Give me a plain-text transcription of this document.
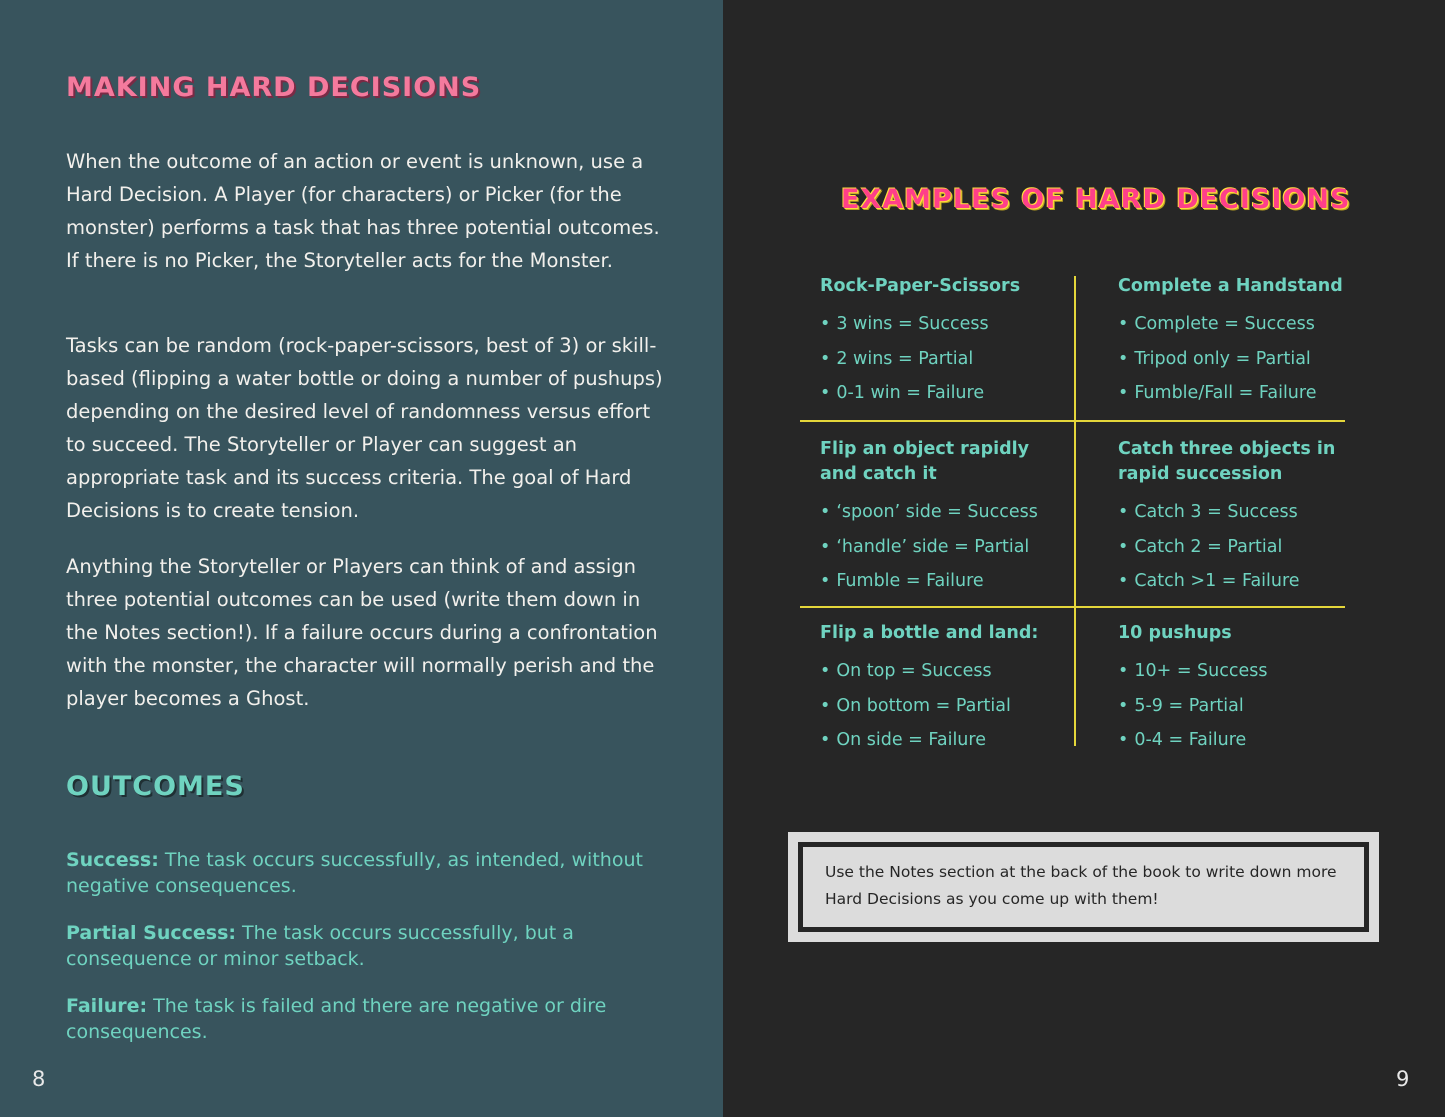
MAKING HARD DECISIONS

When the outcome of an action or event is unknown, use a Hard Decision. A Player (for characters) or Picker (for the monster) performs a task that has three potential outcomes. If there is no Picker, the Storyteller acts for the Monster.

Tasks can be random (rock-paper-scissors, best of 3) or skill-based (flipping a water bottle or doing a number of pushups) depending on the desired level of randomness versus effort to succeed. The Storyteller or Player can suggest an appropriate task and its success criteria. The goal of Hard Decisions is to create tension.

Anything the Storyteller or Players can think of and assign three potential outcomes can be used (write them down in the Notes section!). If a failure occurs during a confrontation with the monster, the character will normally perish and the player becomes a Ghost.

OUTCOMES

Success: The task occurs successfully, as intended, without negative consequences.

Partial Success: The task occurs successfully, but a consequence or minor setback.

Failure: The task is failed and there are negative or dire consequences.

8

EXAMPLES OF HARD DECISIONS

Rock-Paper-Scissors

• 3 wins = Success
• 2 wins = Partial
• 0-1 win = Failure

Complete a Handstand

• Complete = Success
• Tripod only = Partial
• Fumble/Fall = Failure

Flip an object rapidly and catch it

• ‘spoon’ side = Success
• ‘handle’ side = Partial
• Fumble = Failure

Catch three objects in rapid succession

• Catch 3 = Success
• Catch 2 = Partial
• Catch >1 = Failure

Flip a bottle and land:

• On top = Success
• On bottom = Partial
• On side = Failure

10 pushups

• 10+ = Success
• 5-9 = Partial
• 0-4 = Failure

Use the Notes section at the back of the book to write down more Hard Decisions as you come up with them!

9
